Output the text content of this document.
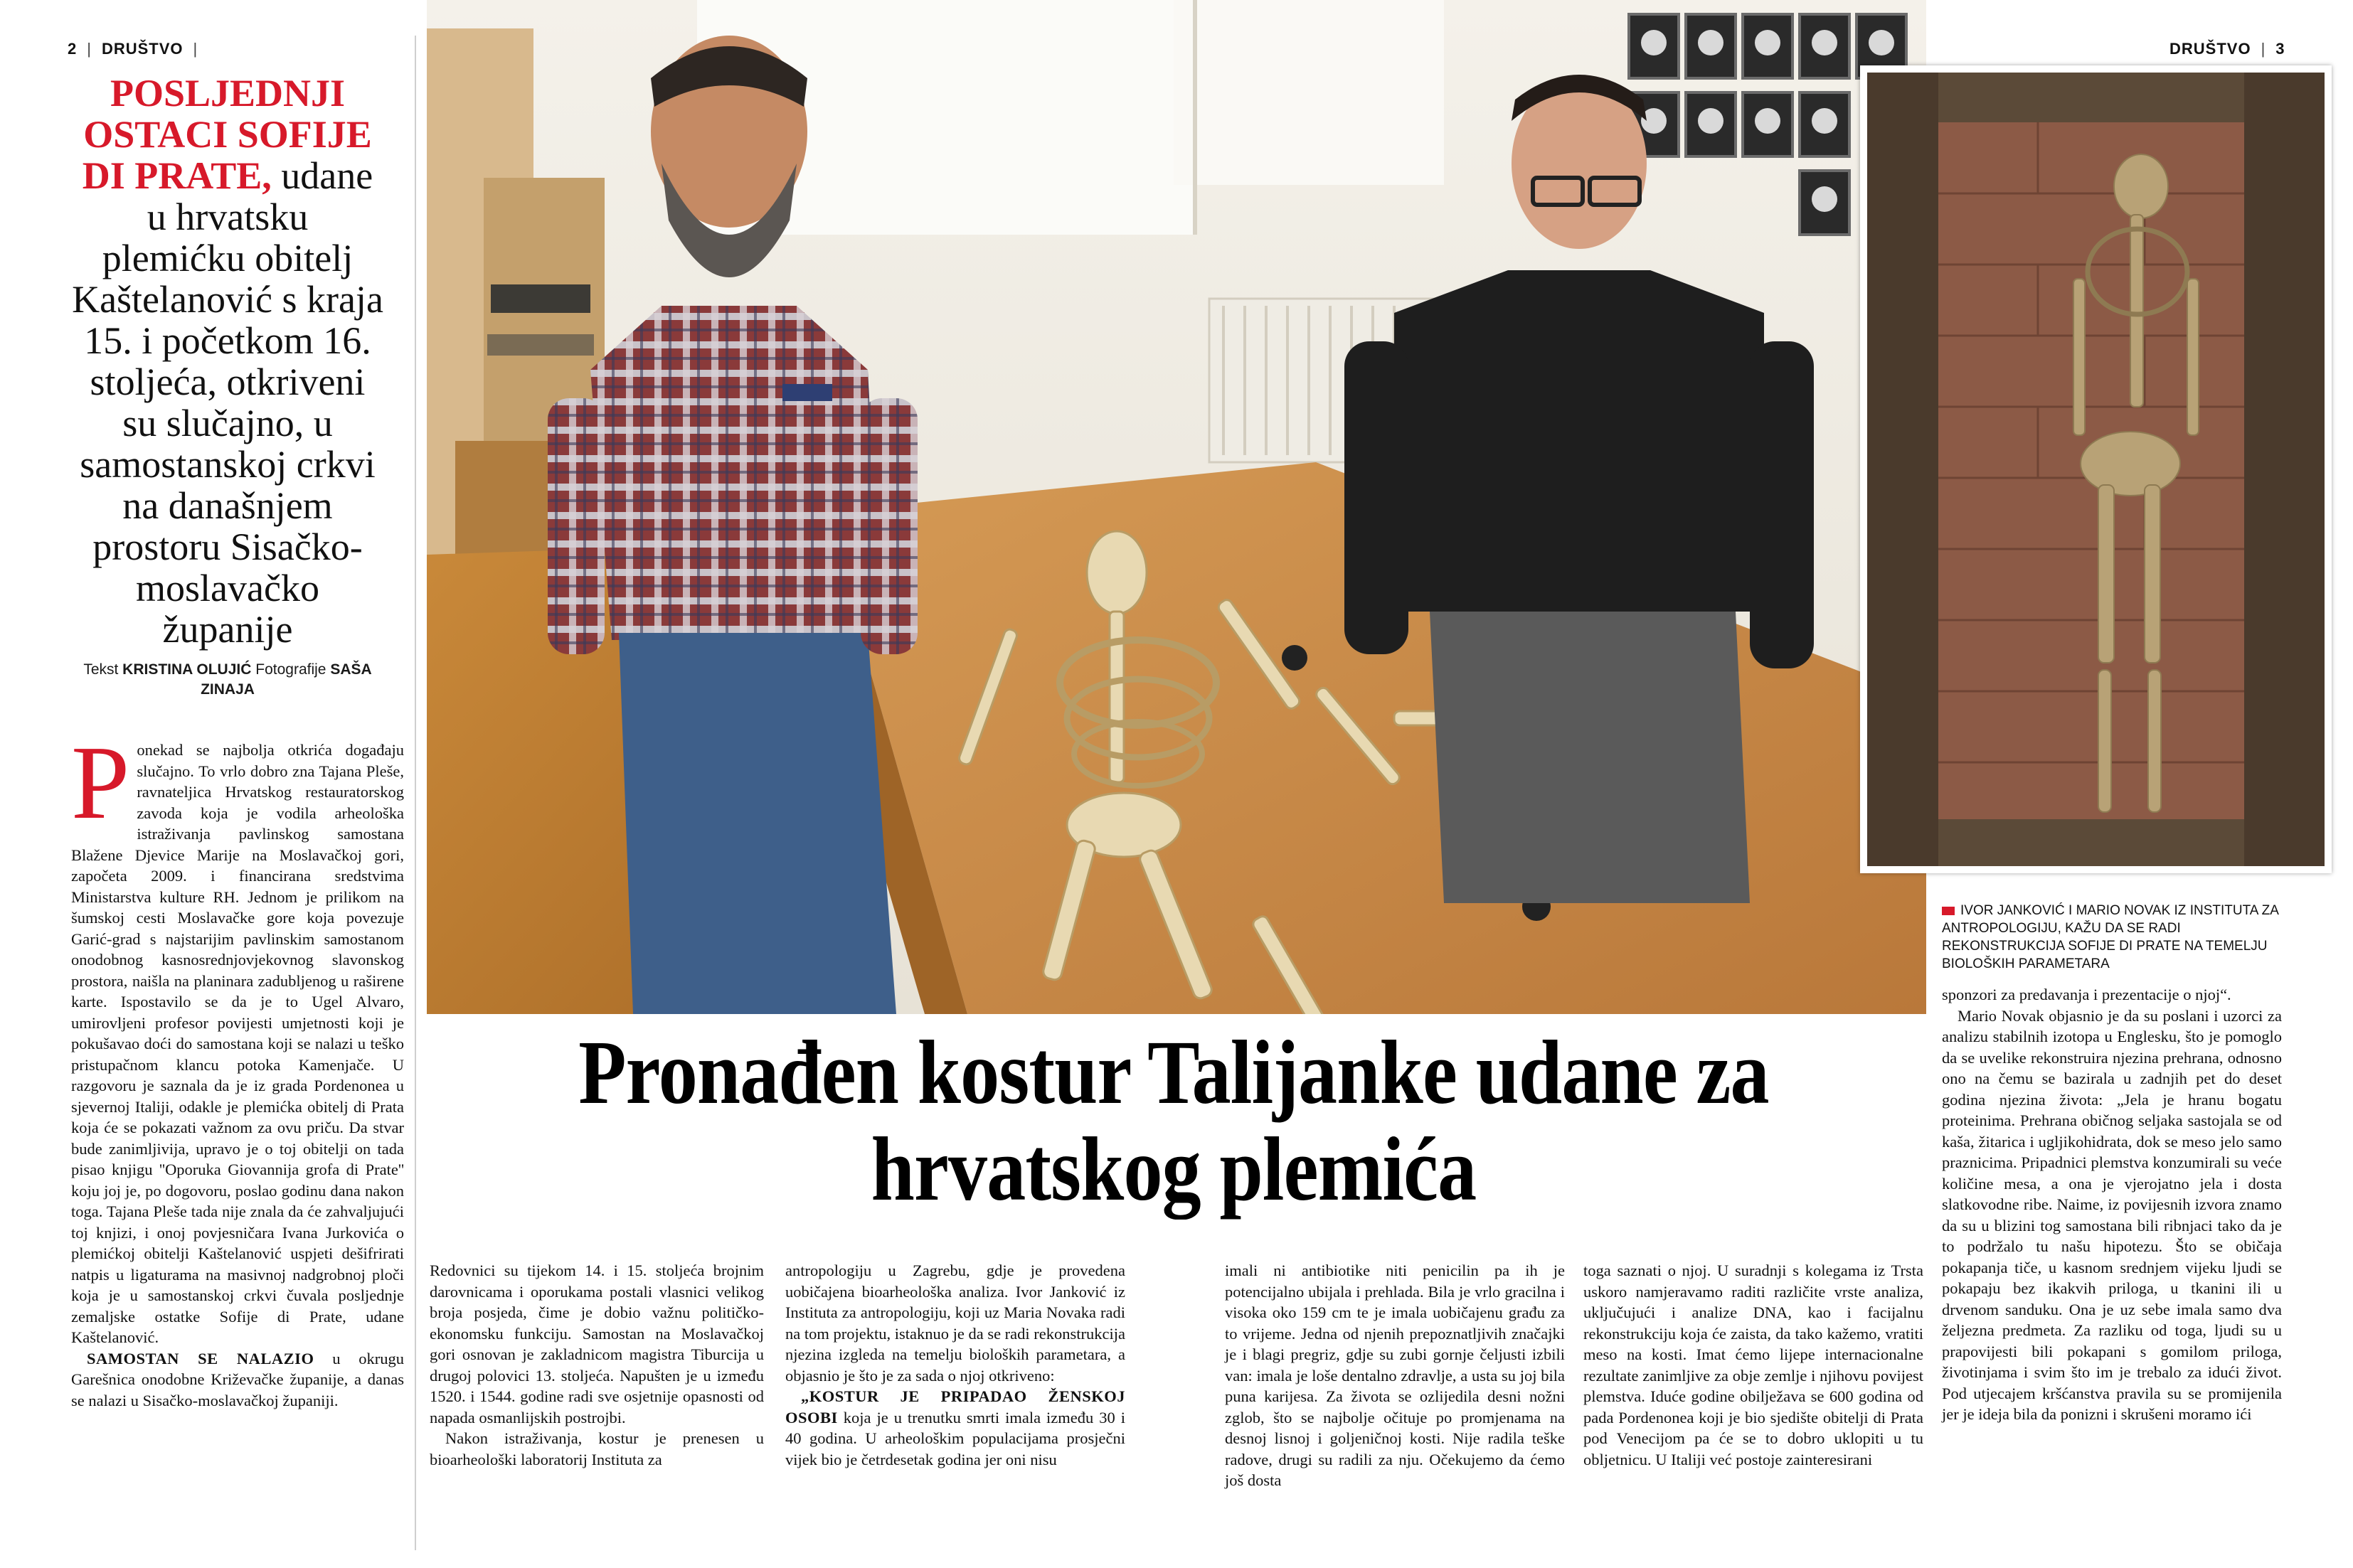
2 | DRUŠTVO |	DRUŠTVO | 3
POSLJEDNJI OSTACI SOFIJE DI PRATE, udane u hrvatsku plemićku obitelj Kaštelanović s kraja 15. i početkom 16. stoljeća, otkriveni su slučajno, u samostanskoj crkvi na današnjem prostoru Sisačko-moslavačko županije
Tekst KRISTINA OLUJIĆ Fotografije SAŠA ZINAJA
IVOR JANKOVIĆ I MARIO NOVAK IZ INSTITUTA ZA ANTROPOLOGIJU, KAŽU DA SE RADI REKONSTRUKCIJA SOFIJE DI PRATE NA TEMELJU BIOLOŠKIH PARAMETARA
Pronađen kostur Talijanke udane za hrvatskog plemića

Ponekad se najbolja otkrića događaju slučajno. To vrlo dobro zna Tajana Pleše, ravnateljica Hrvatskog restauratorskog zavoda koja je vodila arheološka istraživanja pavlinskog samostana Blažene Djevice Marije na Moslavačkoj gori, započeta 2009. i financirana sredstvima Ministarstva kulture RH. Jednom je prilikom na šumskoj cesti Moslavačke gore koja povezuje Garić-grad s najstarijim pavlinskim samostanom onodobnog kasnosrednjovjekovnog slavonskog prostora, naišla na planinara zadubljenog u raširene karte. Ispostavilo se da je to Ugel Alvaro, umirovljeni profesor povijesti umjetnosti koji je pokušavao doći do samostana koji se nalazi u teško pristupačnom klancu potoka Kamenjače. U razgovoru je saznala da je iz grada Pordenonea u sjevernoj Italiji, odakle je plemićka obitelj di Prata koja će se pokazati važnom za ovu priču. Da stvar bude zanimljivija, upravo je o toj obitelji on tada pisao knjigu ''Oporuka Giovannija grofa di Prate'' koju joj je, po dogovoru, poslao godinu dana nakon toga. Tajana Pleše tada nije znala da će zahvaljujući toj knjizi, i onoj povjesničara Ivana Jurkovića o plemićkoj obitelji Kaštelanović uspjeti dešifrirati natpis u ligaturama na masivnoj nadgrobnoj ploči koja je u samostanskoj crkvi čuvala posljednje zemaljske ostatke Sofije di Prate, udane Kaštelanović.

SAMOSTAN SE NALAZIO u okrugu Garešnica onodobne Križevačke županije, a danas se nalazi u Sisačko-moslavačkoj županiji.

Redovnici su tijekom 14. i 15. stoljeća brojnim darovnicama i oporukama postali vlasnici velikog broja posjeda, čime je dobio važnu političko-ekonomsku funkciju. Samostan na Moslavačkoj gori osnovan je zakladnicom magistra Tiburcija u drugoj polovici 13. stoljeća. Napušten je u između 1520. i 1544. godine radi sve osjetnije opasnosti od napada osmanlijskih postrojbi.

Nakon istraživanja, kostur je prenesen u bioarheološki laboratorij Instituta za

antropologiju u Zagrebu, gdje je provedena uobičajena bioarheološka analiza. Ivor Janković iz Instituta za antropologiju, koji uz Maria Novaka radi na tom projektu, istaknuo je da se radi rekonstrukcija njezina izgleda na temelju bioloških parametara, a objasnio je što je za sada o njoj otkriveno:

„KOSTUR JE PRIPADAO ŽENSKOJ OSOBI koja je u trenutku smrti imala između 30 i 40 godina. U arheološkim populacijama prosječni vijek bio je četrdesetak godina jer oni nisu

imali ni antibiotike niti penicilin pa ih je potencijalno ubijala i prehlada. Bila je vrlo gracilna i visoka oko 159 cm te je imala uobičajenu građu za to vrijeme. Jedna od njenih prepoznatljivih značajki je i blagi pregriz, gdje su zubi gornje čeljusti izbili van: imala je loše dentalno zdravlje, a usta su joj bila puna karijesa. Za života se ozlijedila desni nožni zglob, što se najbolje očituje po promjenama na desnoj lisnoj i goljeničnoj kosti. Nije radila teške radove, drugi su radili za nju. Očekujemo da ćemo još dosta

toga saznati o njoj. U suradnji s kolegama iz Trsta uskoro namjeravamo raditi različite vrste analiza, uključujući i analize DNA, kao i facijalnu rekonstrukciju koja će zaista, da tako kažemo, vratiti meso na kosti. Imat ćemo lijepe internacionalne rezultate zanimljive za obje zemlje i njihovu povijest plemstva. Iduće godine obilježava se 600 godina od pada Pordenonea koji je bio sjedište obitelji di Prata pod Venecijom pa će se to dobro uklopiti u tu obljetnicu. U Italiji već postoje zainteresirani

sponzori za predavanja i prezentacije o njoj“.

Mario Novak objasnio je da su poslani i uzorci za analizu stabilnih izotopa u Englesku, što je pomoglo da se uvelike rekonstruira njezina prehrana, odnosno ono na čemu se bazirala u zadnjih pet do deset godina njezina života: „Jela je hranu bogatu proteinima. Prehrana običnog seljaka sastojala se od kaša, žitarica i ugljikohidrata, dok se meso jelo samo praznicima. Pripadnici plemstva konzumirali su veće količine mesa, a ona je vjerojatno jela i dosta slatkovodne ribe. Naime, iz povijesnih izvora znamo da su u blizini tog samostana bili ribnjaci tako da je to podržalo tu našu hipotezu. Što se običaja pokapanja tiče, u kasnom srednjem vijeku ljudi se pokapaju bez ikakvih priloga, u tkanini ili u drvenom sanduku. Ona je uz sebe imala samo dva željezna predmeta. Za razliku od toga, ljudi su u prapovijesti bili pokapani s gomilom priloga, životinjama i svim što im je trebalo za idući život. Pod utjecajem kršćanstva pravila su se promijenila jer je ideja bila da ponizni i skrušeni moramo ići
